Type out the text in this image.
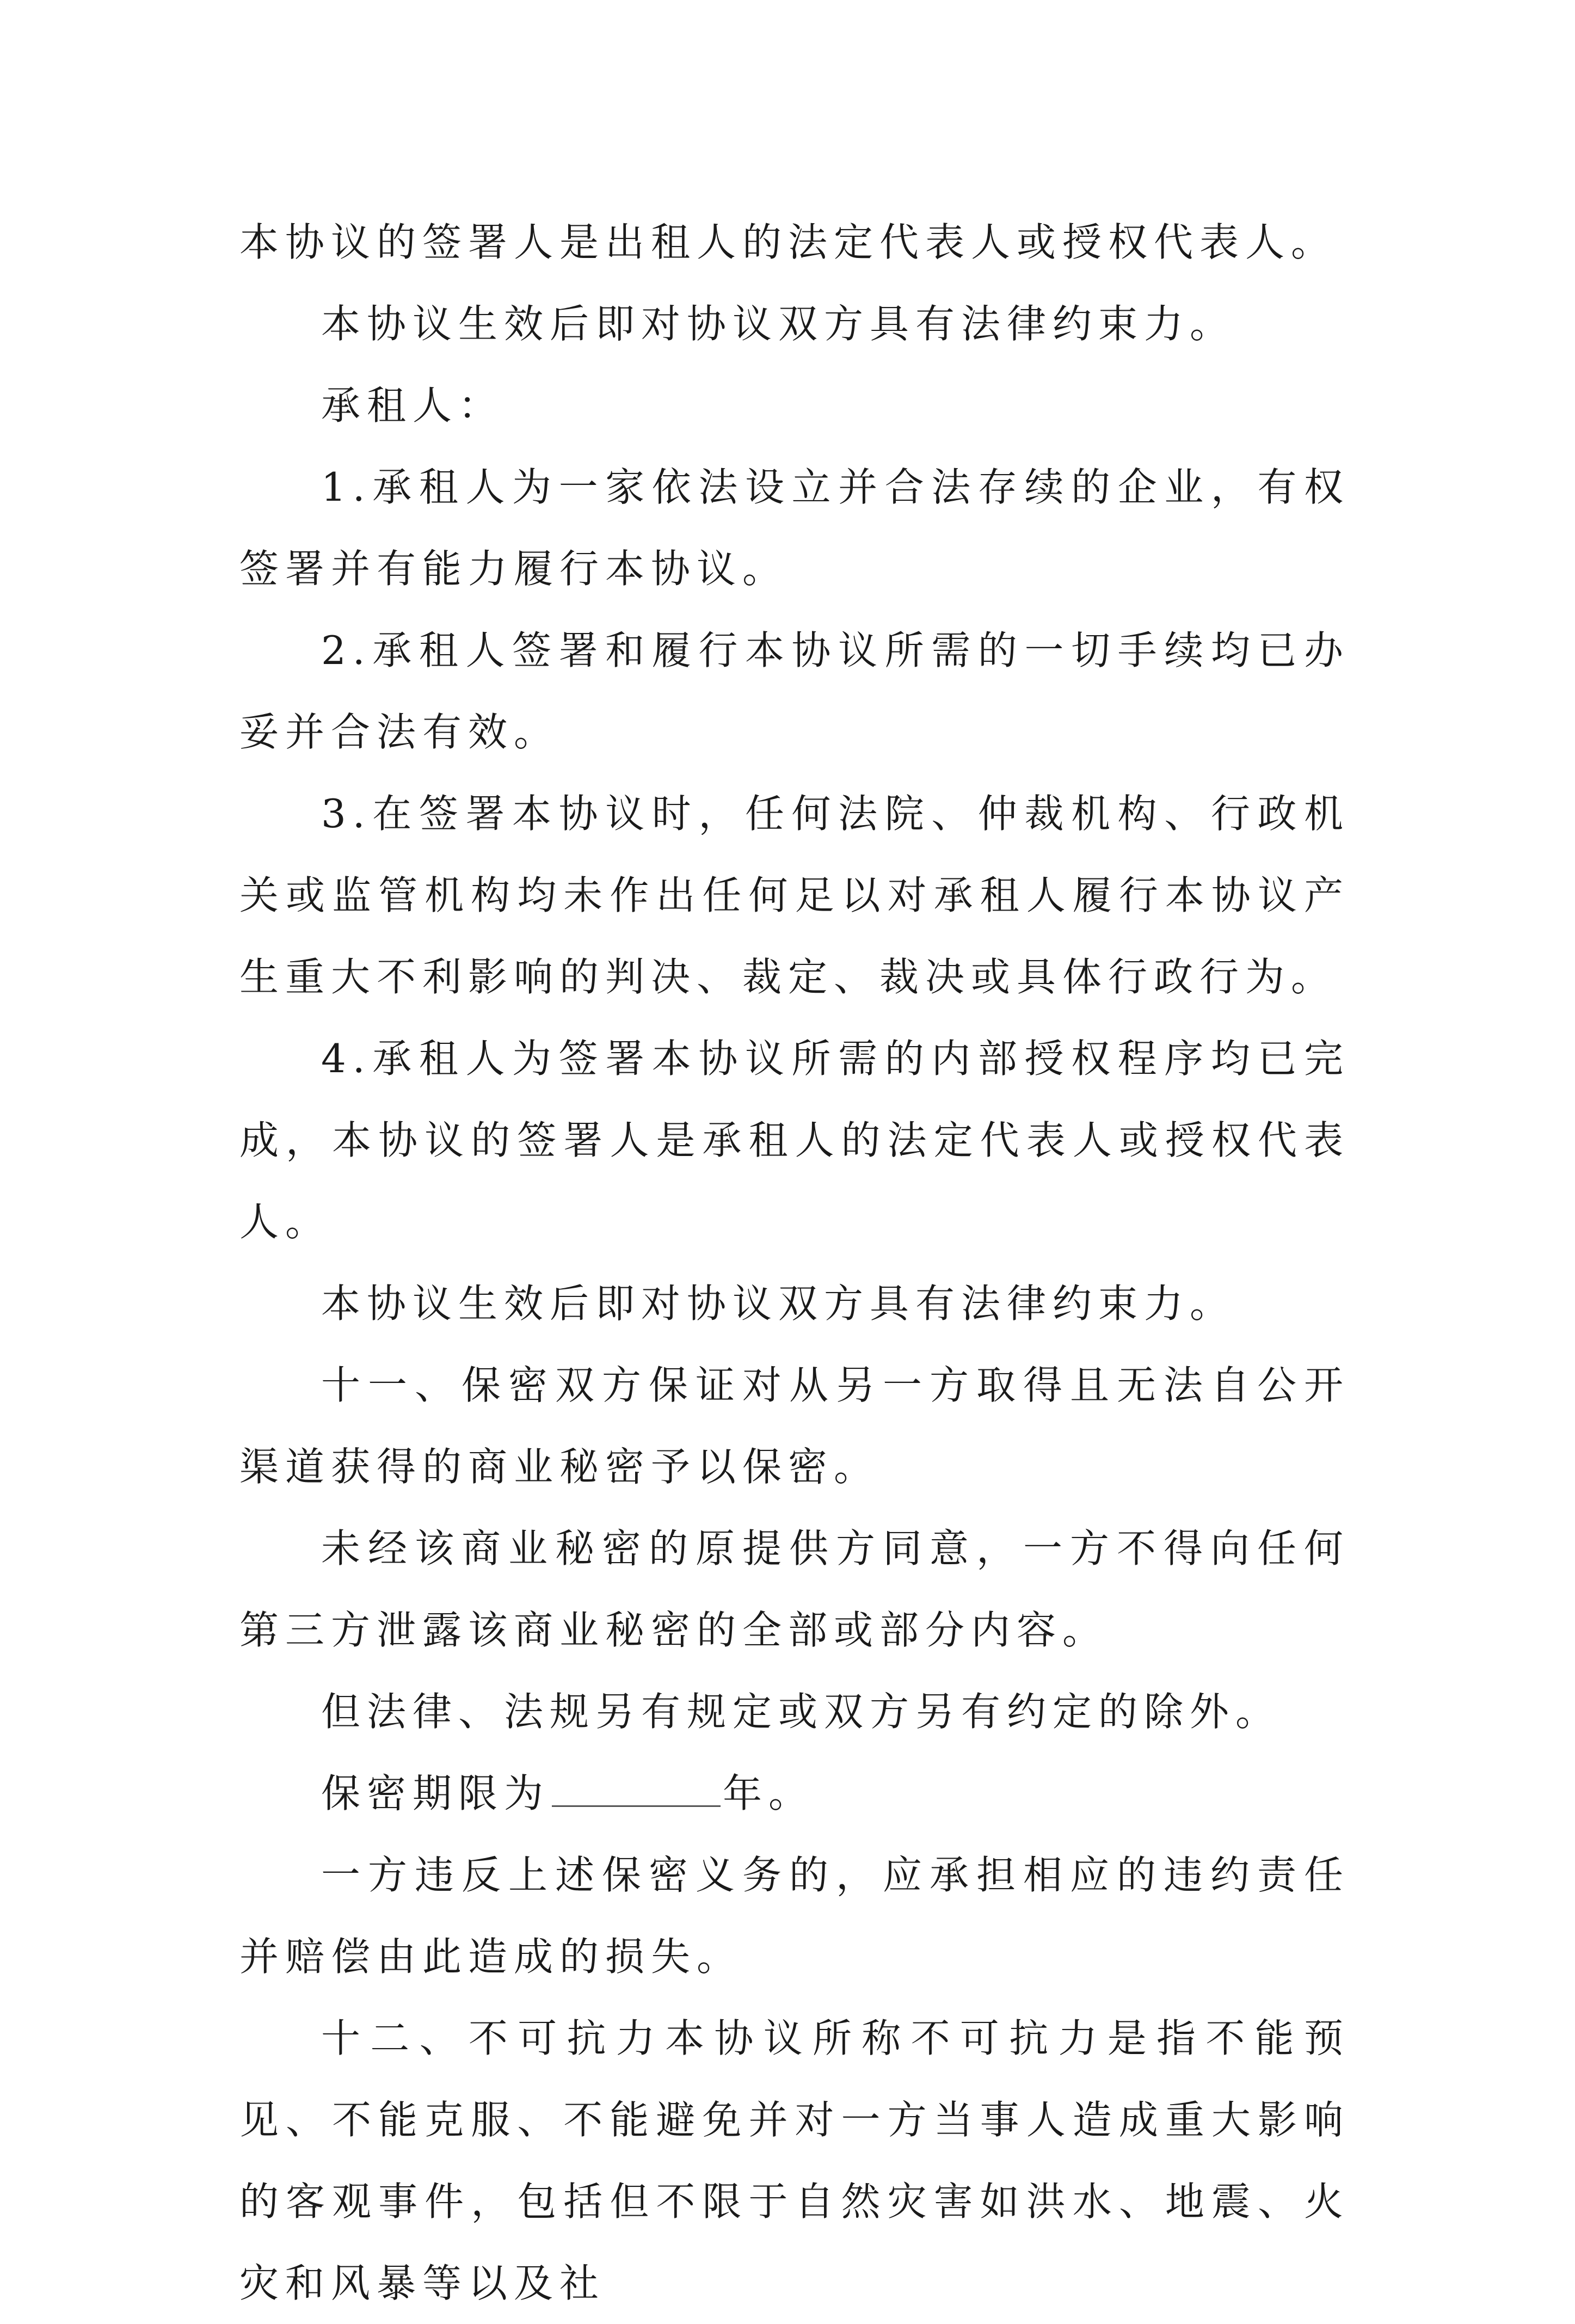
本协议的签署人是出租人的法定代表人或授权代表人。

本协议生效后即对协议双方具有法律约束力。

承租人：

1.承租人为一家依法设立并合法存续的企业，有权签署并有能力履行本协议。

2.承租人签署和履行本协议所需的一切手续均已办妥并合法有效。

3.在签署本协议时，任何法院、仲裁机构、行政机关或监管机构均未作出任何足以对承租人履行本协议产生重大不利影响的判决、裁定、裁决或具体行政行为。

4.承租人为签署本协议所需的内部授权程序均已完成，本协议的签署人是承租人的法定代表人或授权代表人。

本协议生效后即对协议双方具有法律约束力。

十一、保密双方保证对从另一方取得且无法自公开渠道获得的商业秘密予以保密。

未经该商业秘密的原提供方同意，一方不得向任何第三方泄露该商业秘密的全部或部分内容。

但法律、法规另有规定或双方另有约定的除外。

保密期限为	年。

一方违反上述保密义务的，应承担相应的违约责任并赔偿由此造成的损失。

十二、不可抗力本协议所称不可抗力是指不能预见、不能克服、不能避免并对一方当事人造成重大影响的客观事件，包括但不限于自然灾害如洪水、地震、火灾和风暴等以及社
